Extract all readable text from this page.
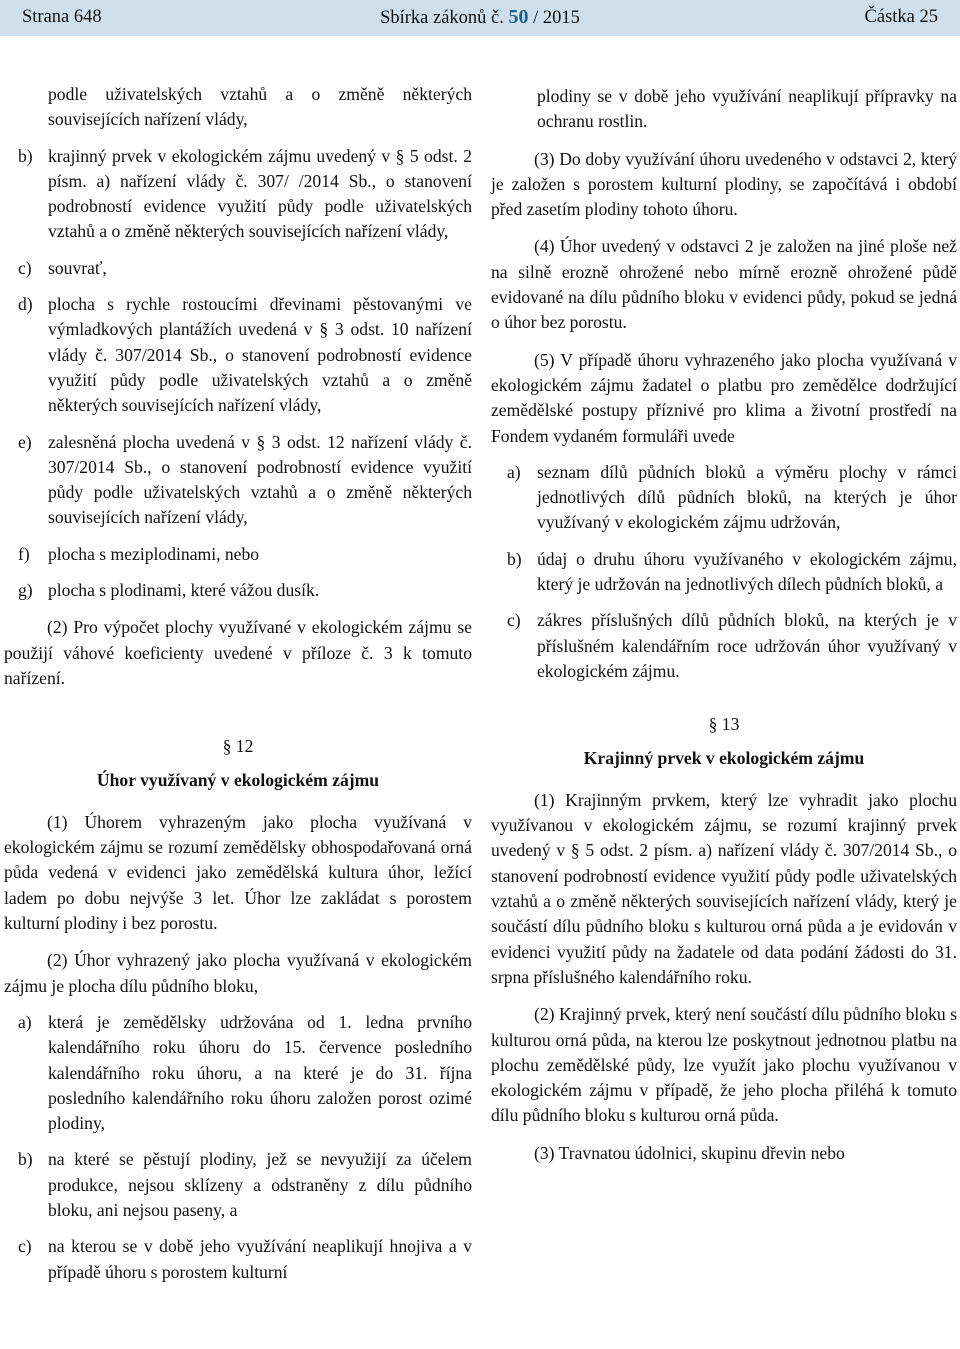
Strana 648	Sbírka zákonů č. 50 / 2015	Částka 25

podle uživatelských vztahů a o změně některých souvisejících nařízení vlády,

b) krajinný prvek v ekologickém zájmu uvedený v § 5 odst. 2 písm. a) nařízení vlády č. 307/ /2014 Sb., o stanovení podrobností evidence využití půdy podle uživatelských vztahů a o změně některých souvisejících nařízení vlády,
c) souvrať,
d) plocha s rychle rostoucími dřevinami pěstovanými ve výmladkových plantážích uvedená v § 3 odst. 10 nařízení vlády č. 307/2014 Sb., o stanovení podrobností evidence využití půdy podle uživatelských vztahů a o změně některých souvisejících nařízení vlády,
e) zalesněná plocha uvedená v § 3 odst. 12 nařízení vlády č. 307/2014 Sb., o stanovení podrobností evidence využití půdy podle uživatelských vztahů a o změně některých souvisejících nařízení vlády,
f) plocha s meziplodinami, nebo
g) plocha s plodinami, které vážou dusík.

(2) Pro výpočet plochy využívané v ekologickém zájmu se použijí váhové koeficienty uvedené v příloze č. 3 k tomuto nařízení.

§ 12

Úhor využívaný v ekologickém zájmu

(1) Úhorem vyhrazeným jako plocha využívaná v ekologickém zájmu se rozumí zemědělsky obhospodařovaná orná půda vedená v evidenci jako zemědělská kultura úhor, ležící ladem po dobu nejvýše 3 let. Úhor lze zakládat s porostem kulturní plodiny i bez porostu.

(2) Úhor vyhrazený jako plocha využívaná v ekologickém zájmu je plocha dílu půdního bloku,

a) která je zemědělsky udržována od 1. ledna prvního kalendářního roku úhoru do 15. července posledního kalendářního roku úhoru, a na které je do 31. října posledního kalendářního roku úhoru založen porost ozimé plodiny,
b) na které se pěstují plodiny, jež se nevyužijí za účelem produkce, nejsou sklízeny a odstraněny z dílu půdního bloku, ani nejsou paseny, a
c) na kterou se v době jeho využívání neaplikují hnojiva a v případě úhoru s porostem kulturní

plodiny se v době jeho využívání neaplikují přípravky na ochranu rostlin.

(3) Do doby využívání úhoru uvedeného v odstavci 2, který je založen s porostem kulturní plodiny, se započítává i období před zasetím plodiny tohoto úhoru.

(4) Úhor uvedený v odstavci 2 je založen na jiné ploše než na silně erozně ohrožené nebo mírně erozně ohrožené půdě evidované na dílu půdního bloku v evidenci půdy, pokud se jedná o úhor bez porostu.

(5) V případě úhoru vyhrazeného jako plocha využívaná v ekologickém zájmu žadatel o platbu pro zemědělce dodržující zemědělské postupy příznivé pro klima a životní prostředí na Fondem vydaném formuláři uvede

a) seznam dílů půdních bloků a výměru plochy v rámci jednotlivých dílů půdních bloků, na kterých je úhor využívaný v ekologickém zájmu udržován,
b) údaj o druhu úhoru využívaného v ekologickém zájmu, který je udržován na jednotlivých dílech půdních bloků, a
c) zákres příslušných dílů půdních bloků, na kterých je v příslušném kalendářním roce udržován úhor využívaný v ekologickém zájmu.

§ 13

Krajinný prvek v ekologickém zájmu

(1) Krajinným prvkem, který lze vyhradit jako plochu využívanou v ekologickém zájmu, se rozumí krajinný prvek uvedený v § 5 odst. 2 písm. a) nařízení vlády č. 307/2014 Sb., o stanovení podrobností evidence využití půdy podle uživatelských vztahů a o změně některých souvisejících nařízení vlády, který je součástí dílu půdního bloku s kulturou orná půda a je evidován v evidenci využití půdy na žadatele od data podání žádosti do 31. srpna příslušného kalendářního roku.

(2) Krajinný prvek, který není součástí dílu půdního bloku s kulturou orná půda, na kterou lze poskytnout jednotnou platbu na plochu zemědělské půdy, lze využít jako plochu využívanou v ekologickém zájmu v případě, že jeho plocha přiléhá k tomuto dílu půdního bloku s kulturou orná půda.

(3) Travnatou údolnici, skupinu dřevin nebo
